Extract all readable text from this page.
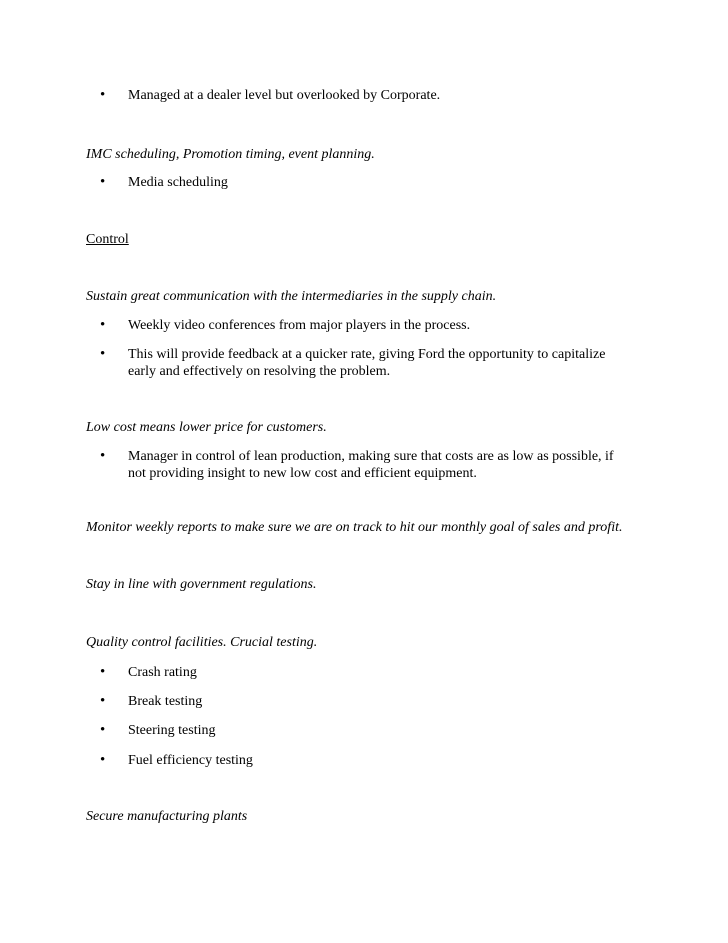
•	Managed at a dealer level but overlooked by Corporate.

IMC scheduling, Promotion timing, event planning.

•	Media scheduling

Control

Sustain great communication with the intermediaries in the supply chain.

•	Weekly video conferences from major players in the process.
•	This will provide feedback at a quicker rate, giving Ford the opportunity to capitalize
early and effectively on resolving the problem.

Low cost means lower price for customers.

•	Manager in control of lean production, making sure that costs are as low as possible, if
not providing insight to new low cost and efficient equipment.

Monitor weekly reports to make sure we are on track to hit our monthly goal of sales and profit.

Stay in line with government regulations.

Quality control facilities. Crucial testing.

•	Crash rating
•	Break testing
•	Steering testing
•	Fuel efficiency testing

Secure manufacturing plants
